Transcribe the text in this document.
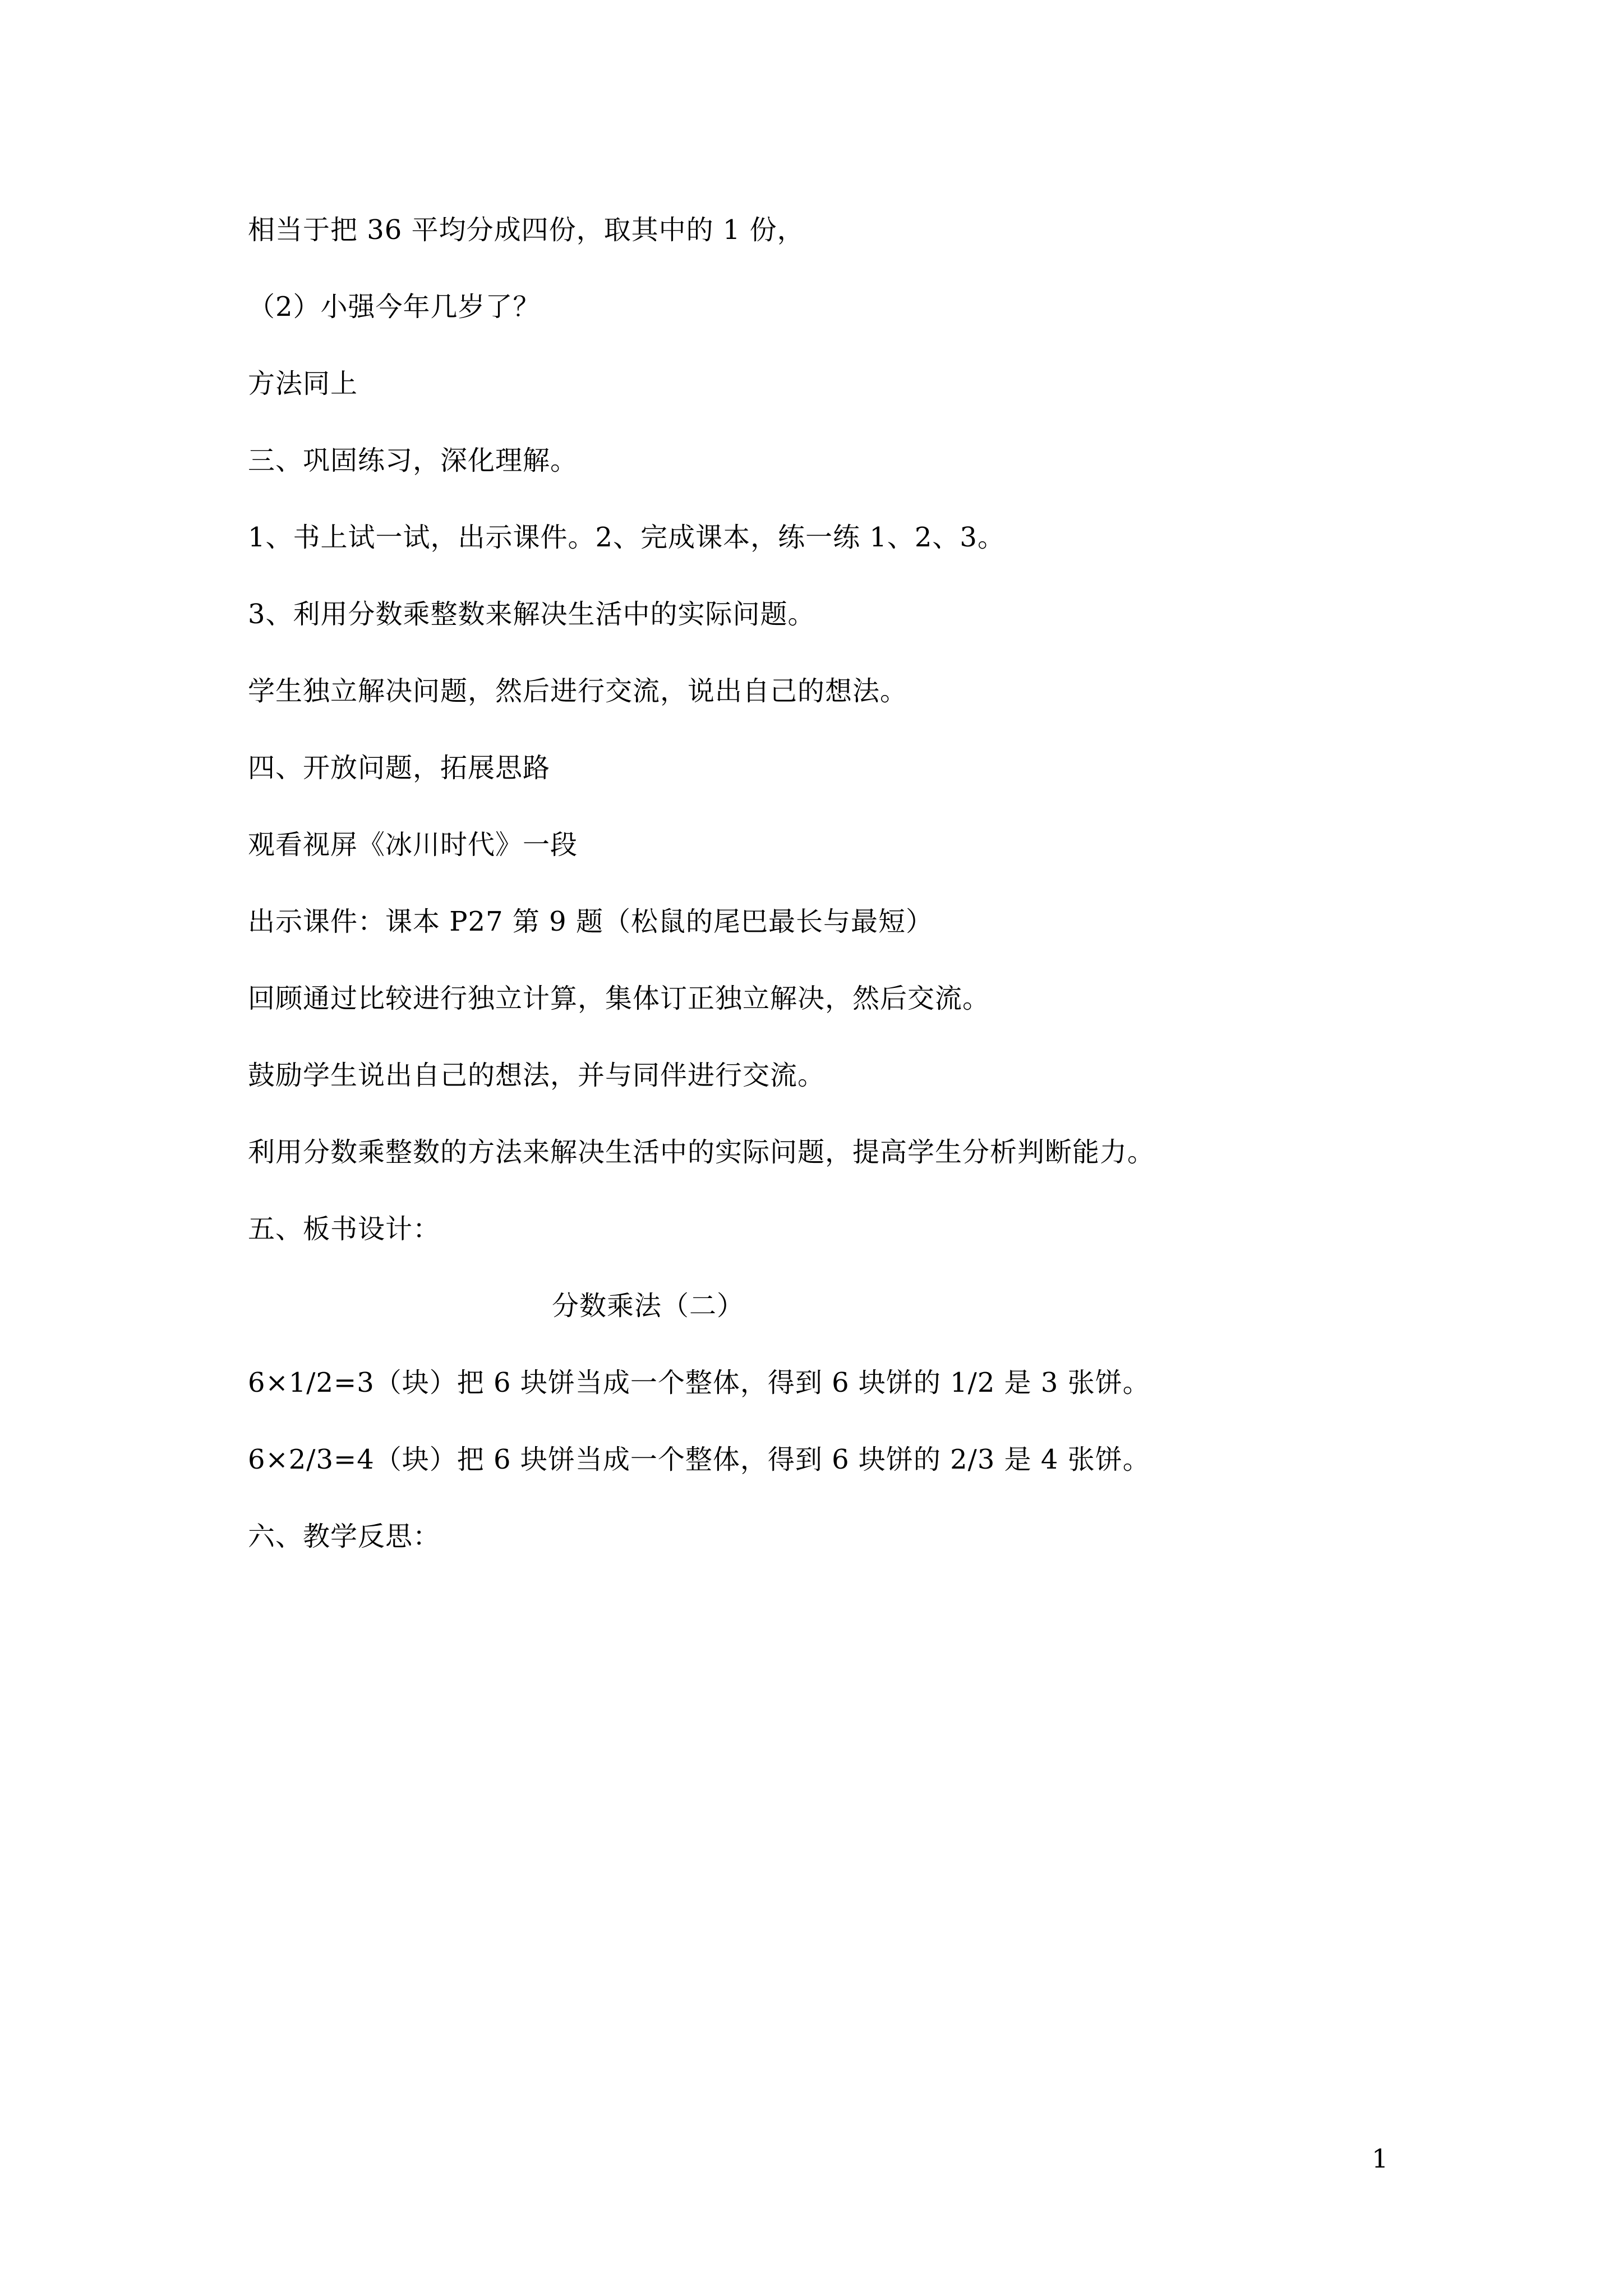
相当于把 36 平均分成四份，取其中的 1 份，
（2）小强今年几岁了？
方法同上
三、巩固练习，深化理解。
1、书上试一试，出示课件。2、完成课本，练一练 1、2、3。
3、利用分数乘整数来解决生活中的实际问题。
学生独立解决问题，然后进行交流，说出自己的想法。
四、开放问题，拓展思路
观看视屏《冰川时代》一段
出示课件：课本 P27 第 9 题（松鼠的尾巴最长与最短）
回顾通过比较进行独立计算，集体订正独立解决，然后交流。
鼓励学生说出自己的想法，并与同伴进行交流。
利用分数乘整数的方法来解决生活中的实际问题，提高学生分析判断能力。
五、板书设计：
分数乘法（二）
6×1/2=3（块）把 6 块饼当成一个整体，得到 6 块饼的 1/2 是 3 张饼。
6×2/3=4（块）把 6 块饼当成一个整体，得到 6 块饼的 2/3 是 4 张饼。
六、教学反思：
1
